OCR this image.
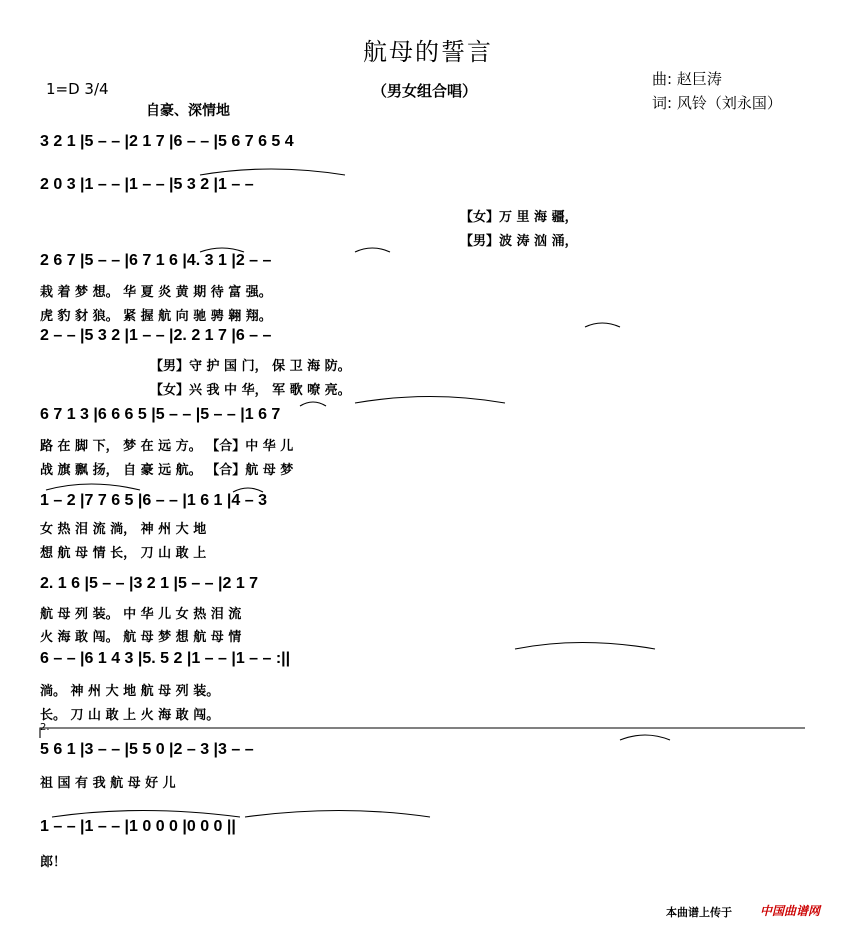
航母的誓言
1=D 3/4	（男女组合唱）
自豪、深情地
曲: 赵巨涛
词: 风铃（刘永国）
3 2 1 |5 – – |2 1 7 |6 – – |5 6 7 6 5 4
2 0 3 |1 – – |1 – – |5 3 2 |1 – –
【女】万 里 海 疆，
【男】波 涛 汹 涌，
2 6 7 |5 – – |6 7 1 6 |4. 3 1 |2 – –
栽 着 梦 想。 华 夏 炎 黄 期 待 富 强。
虎 豹 豺 狼。 紧 握 航 向 驰 骋 翱 翔。
2 – – |5 3 2 |1 – – |2. 2 1 7 |6 – –
【男】守 护 国 门， 保 卫 海 防。
【女】兴 我 中 华， 军 歌 嘹 亮。
6 7 1 3 |6 6 6 5 |5 – – |5 – – |1 6 7
路 在 脚 下， 梦 在 远 方。 【合】中 华 儿
战 旗 飘 扬， 自 豪 远 航。 【合】航 母 梦
1 – 2 |7 7 6 5 |6 – – |1 6 1 |4 – 3
女 热 泪 流 淌， 神 州 大 地
想 航 母 情 长， 刀 山 敢 上
2. 1 6 |5 – – |3 2 1 |5 – – |2 1 7
航 母 列 装。 中 华 儿 女 热 泪 流
火 海 敢 闯。 航 母 梦 想 航 母 情
6 – – |6 1 4 3 |5. 5 2 |1 – – |1 – – :||
淌。 神 州 大 地 航 母 列 装。
长。 刀 山 敢 上 火 海 敢 闯。
2.
5 6 1 |3 – – |5 5 0 |2 – 3 |3 – –
祖 国 有 我 航 母 好 儿
1 – – |1 – – |1 0 0 0 |0 0 0 ||
郎！
本曲谱上传于 中国曲谱网
